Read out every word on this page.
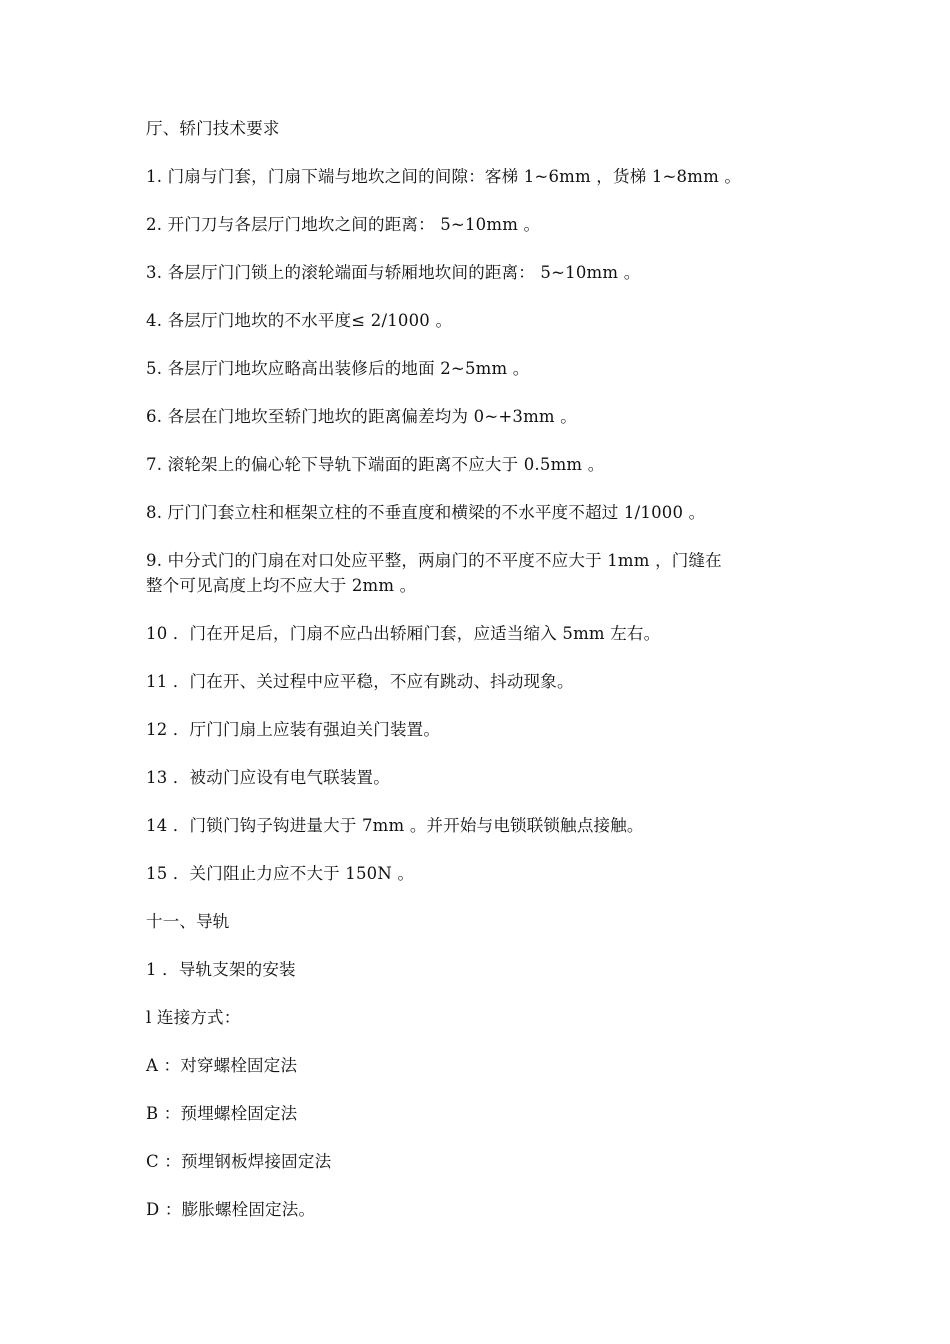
厅、轿门技术要求
1. 门扇与门套，门扇下端与地坎之间的间隙：客梯 1~6mm ，货梯 1~8mm 。
2. 开门刀与各层厅门地坎之间的距离： 5~10mm 。
3. 各层厅门门锁上的滚轮端面与轿厢地坎间的距离： 5~10mm 。
4. 各层厅门地坎的不水平度≤ 2/1000 。
5. 各层厅门地坎应略高出装修后的地面 2~5mm 。
6. 各层在门地坎至轿门地坎的距离偏差均为 0~+3mm 。
7. 滚轮架上的偏心轮下导轨下端面的距离不应大于 0.5mm 。
8. 厅门门套立柱和框架立柱的不垂直度和横梁的不水平度不超过 1/1000 。
9. 中分式门的门扇在对口处应平整，两扇门的不平度不应大于 1mm ，门缝在
整个可见高度上均不应大于 2mm 。
10 ．门在开足后，门扇不应凸出轿厢门套，应适当缩入 5mm 左右。
11 ．门在开、关过程中应平稳，不应有跳动、抖动现象。
12 ．厅门门扇上应装有强迫关门装置。
13 ．被动门应设有电气联装置。
14 ．门锁门钩子钩进量大于 7mm 。并开始与电锁联锁触点接触。
15 ．关门阻止力应不大于 150N 。
十一、导轨
1 ．导轨支架的安装
l 连接方式：
A ：对穿螺栓固定法
B ：预埋螺栓固定法
C ：预埋钢板焊接固定法
D ：膨胀螺栓固定法。
